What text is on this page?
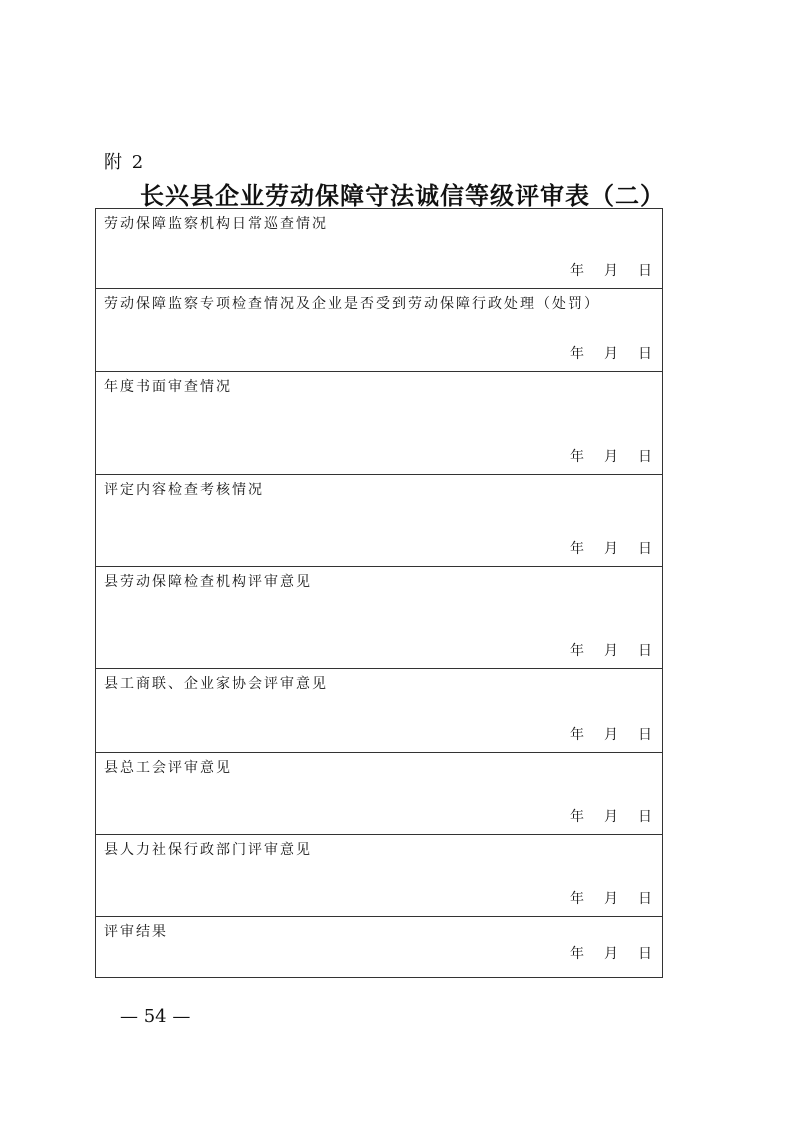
附 2
长兴县企业劳动保障守法诚信等级评审表（二）
劳动保障监察机构日常巡查情况
年 月 日
劳动保障监察专项检查情况及企业是否受到劳动保障行政处理（处罚）
年 月 日
年度书面审查情况
年 月 日
评定内容检查考核情况
年 月 日
县劳动保障检查机构评审意见
年 月 日
县工商联、企业家协会评审意见
年 月 日
县总工会评审意见
年 月 日
县人力社保行政部门评审意见
年 月 日
评审结果
年 月 日
— 54 —
